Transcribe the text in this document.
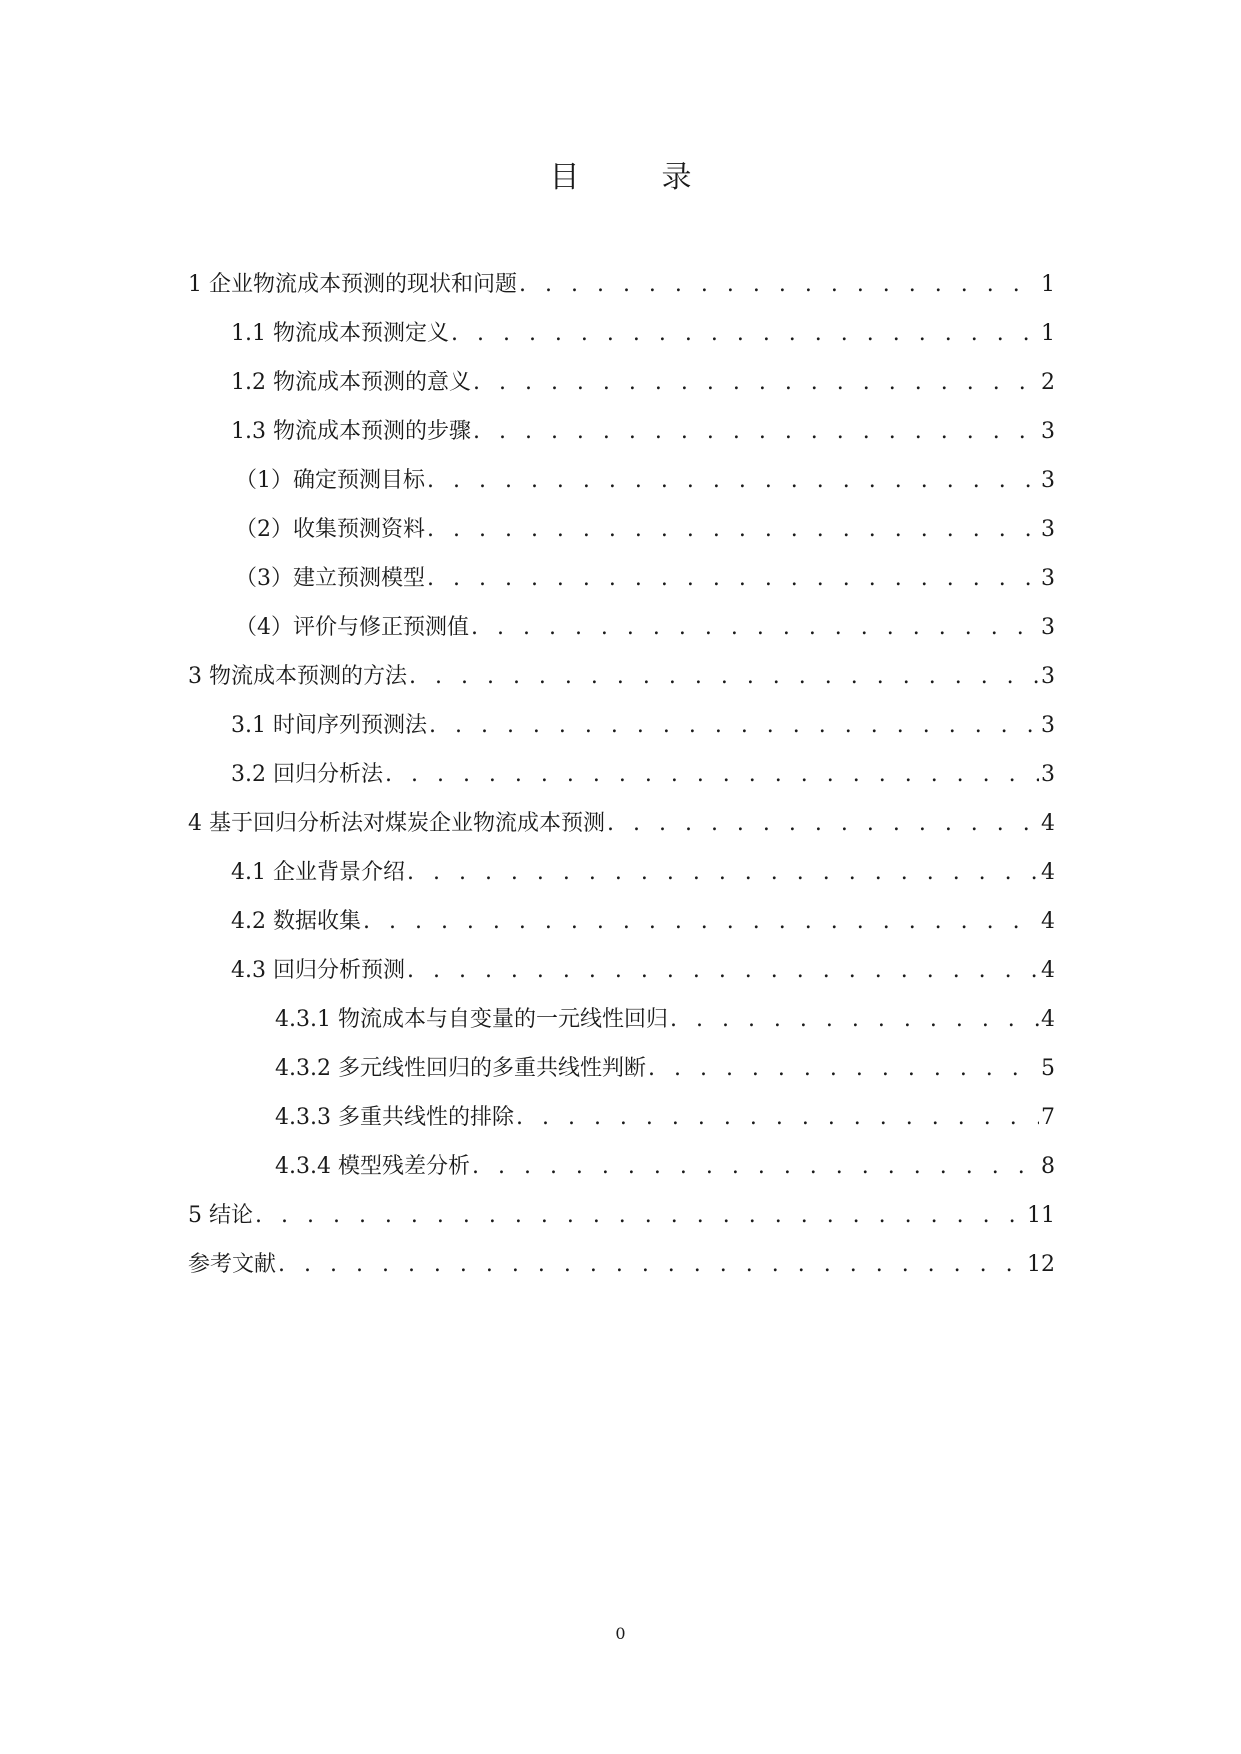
目　录
1 企业物流成本预测的现状和问题 . . .	1
1.1 物流成本预测定义 . . .	1
1.2 物流成本预测的意义 . . .	2
1.3 物流成本预测的步骤 . . .	3
（1）确定预测目标 . . .	3
（2）收集预测资料 . . .	3
（3）建立预测模型 . . .	3
（4）评价与修正预测值 . . .	3
3 物流成本预测的方法 . . .	3
3.1 时间序列预测法 . . .	3
3.2 回归分析法 . . .	3
4 基于回归分析法对煤炭企业物流成本预测 . . .	4
4.1 企业背景介绍 . . .	4
4.2 数据收集 . . .	4
4.3 回归分析预测 . . .	4
4.3.1 物流成本与自变量的一元线性回归 . . .	4
4.3.2 多元线性回归的多重共线性判断 . . .	5
4.3.3 多重共线性的排除 . . .	7
4.3.4 模型残差分析 . . .	8
5 结论 . . .	11
参考文献 . . .	12
0
